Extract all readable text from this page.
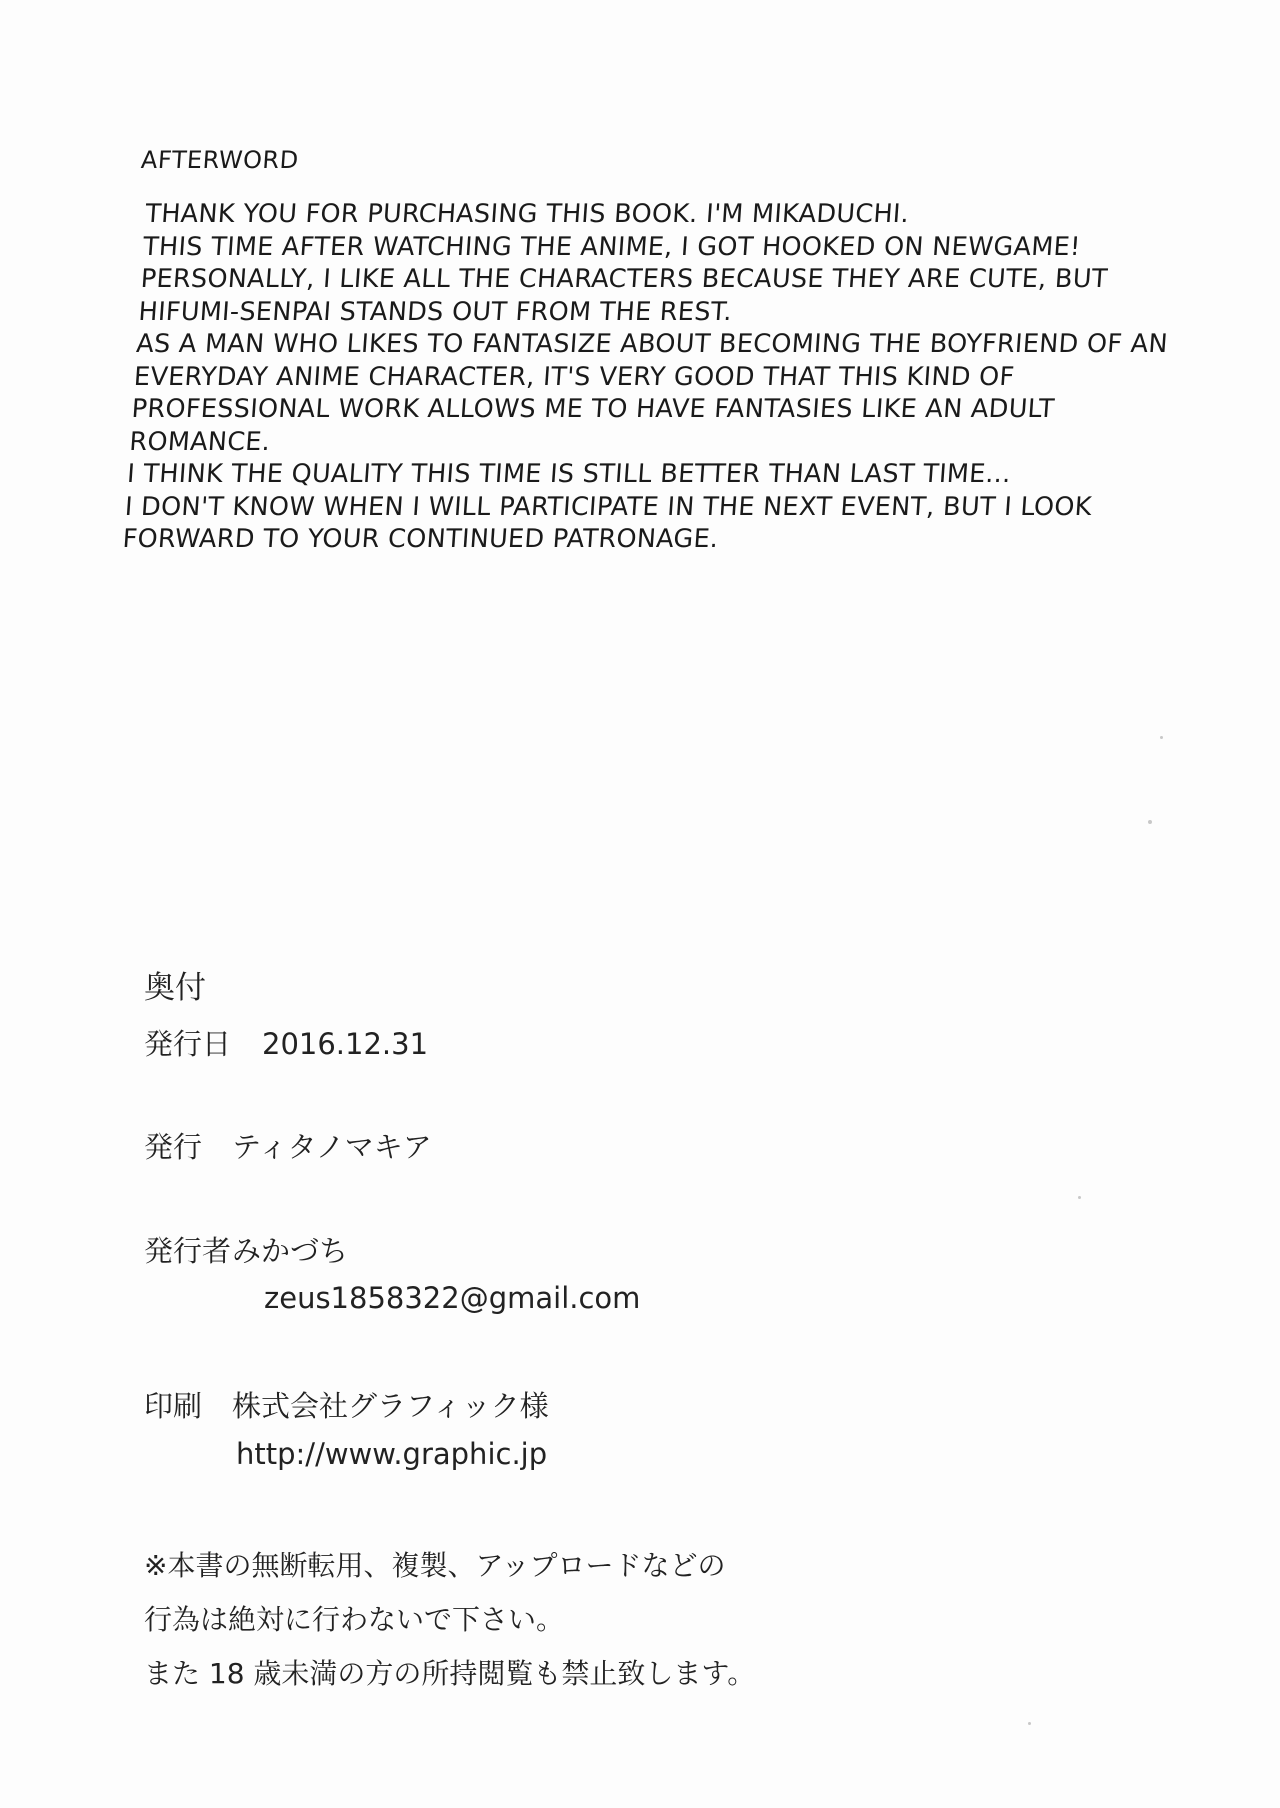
AFTERWORD
THANK YOU FOR PURCHASING THIS BOOK. I'M MIKADUCHI.
THIS TIME AFTER WATCHING THE ANIME, I GOT HOOKED ON NEWGAME!
PERSONALLY, I LIKE ALL THE CHARACTERS BECAUSE THEY ARE CUTE, BUT
HIFUMI-SENPAI STANDS OUT FROM THE REST.
AS A MAN WHO LIKES TO FANTASIZE ABOUT BECOMING THE BOYFRIEND OF AN
EVERYDAY ANIME CHARACTER, IT'S VERY GOOD THAT THIS KIND OF
PROFESSIONAL WORK ALLOWS ME TO HAVE FANTASIES LIKE AN ADULT
ROMANCE.
I THINK THE QUALITY THIS TIME IS STILL BETTER THAN LAST TIME...
I DON'T KNOW WHEN I WILL PARTICIPATE IN THE NEXT EVENT, BUT I LOOK
FORWARD TO YOUR CONTINUED PATRONAGE.
奥付
発行日 2016.12.31
発行 ティタノマキア
発行者みかづち
zeus1858322@gmail.com
印刷 株式会社グラフィック様
http://www.graphic.jp
※本書の無断転用、複製、アップロードなどの
行為は絶対に行わないで下さい。
また 18 歳未満の方の所持閲覧も禁止致します。
